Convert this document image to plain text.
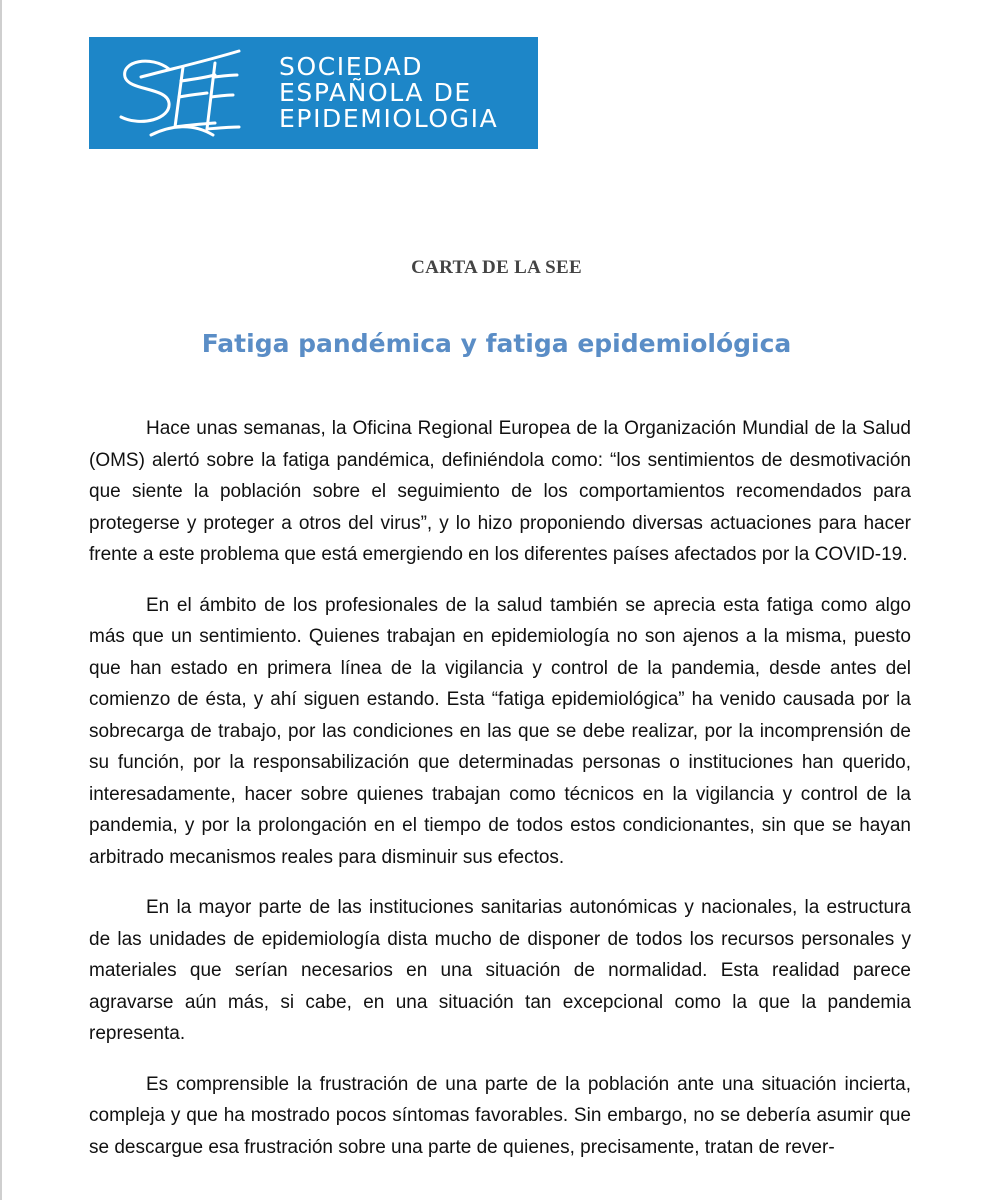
SOCIEDAD
ESPAÑOLA DE
EPIDEMIOLOGIA
CARTA DE LA SEE
Fatiga pandémica y fatiga epidemiológica

Hace unas semanas, la Oficina Regional Europea de la Organización Mundial de la Salud (OMS) alertó sobre la fatiga pandémica, definiéndola como: “los sentimientos de desmotivación que siente la población sobre el seguimiento de los comportamientos recomendados para protegerse y proteger a otros del virus”, y lo hizo proponiendo diversas actuaciones para hacer frente a este problema que está emergiendo en los diferentes países afectados por la COVID-19.

En el ámbito de los profesionales de la salud también se aprecia esta fatiga como algo más que un sentimiento. Quienes trabajan en epidemiología no son ajenos a la misma, puesto que han estado en primera línea de la vigilancia y control de la pandemia, desde antes del comienzo de ésta, y ahí siguen estando. Esta “fatiga epidemiológica” ha venido causada por la sobrecarga de trabajo, por las condiciones en las que se debe realizar, por la incomprensión de su función, por la responsabilización que determinadas personas o instituciones han querido, interesadamente, hacer sobre quienes trabajan como técnicos en la vigilancia y control de la pandemia, y por la prolongación en el tiempo de todos estos condicionantes, sin que se hayan arbitrado mecanismos reales para disminuir sus efectos.

En la mayor parte de las instituciones sanitarias autonómicas y nacionales, la estructura de las unidades de epidemiología dista mucho de disponer de todos los recursos personales y materiales que serían necesarios en una situación de normalidad. Esta realidad parece agravarse aún más, si cabe, en una situación tan excepcional como la que la pandemia representa.

Es comprensible la frustración de una parte de la población ante una situación incierta, compleja y que ha mostrado pocos síntomas favorables. Sin embargo, no se debería asumir que se descargue esa frustración sobre una parte de quienes, precisamente, tratan de rever-
